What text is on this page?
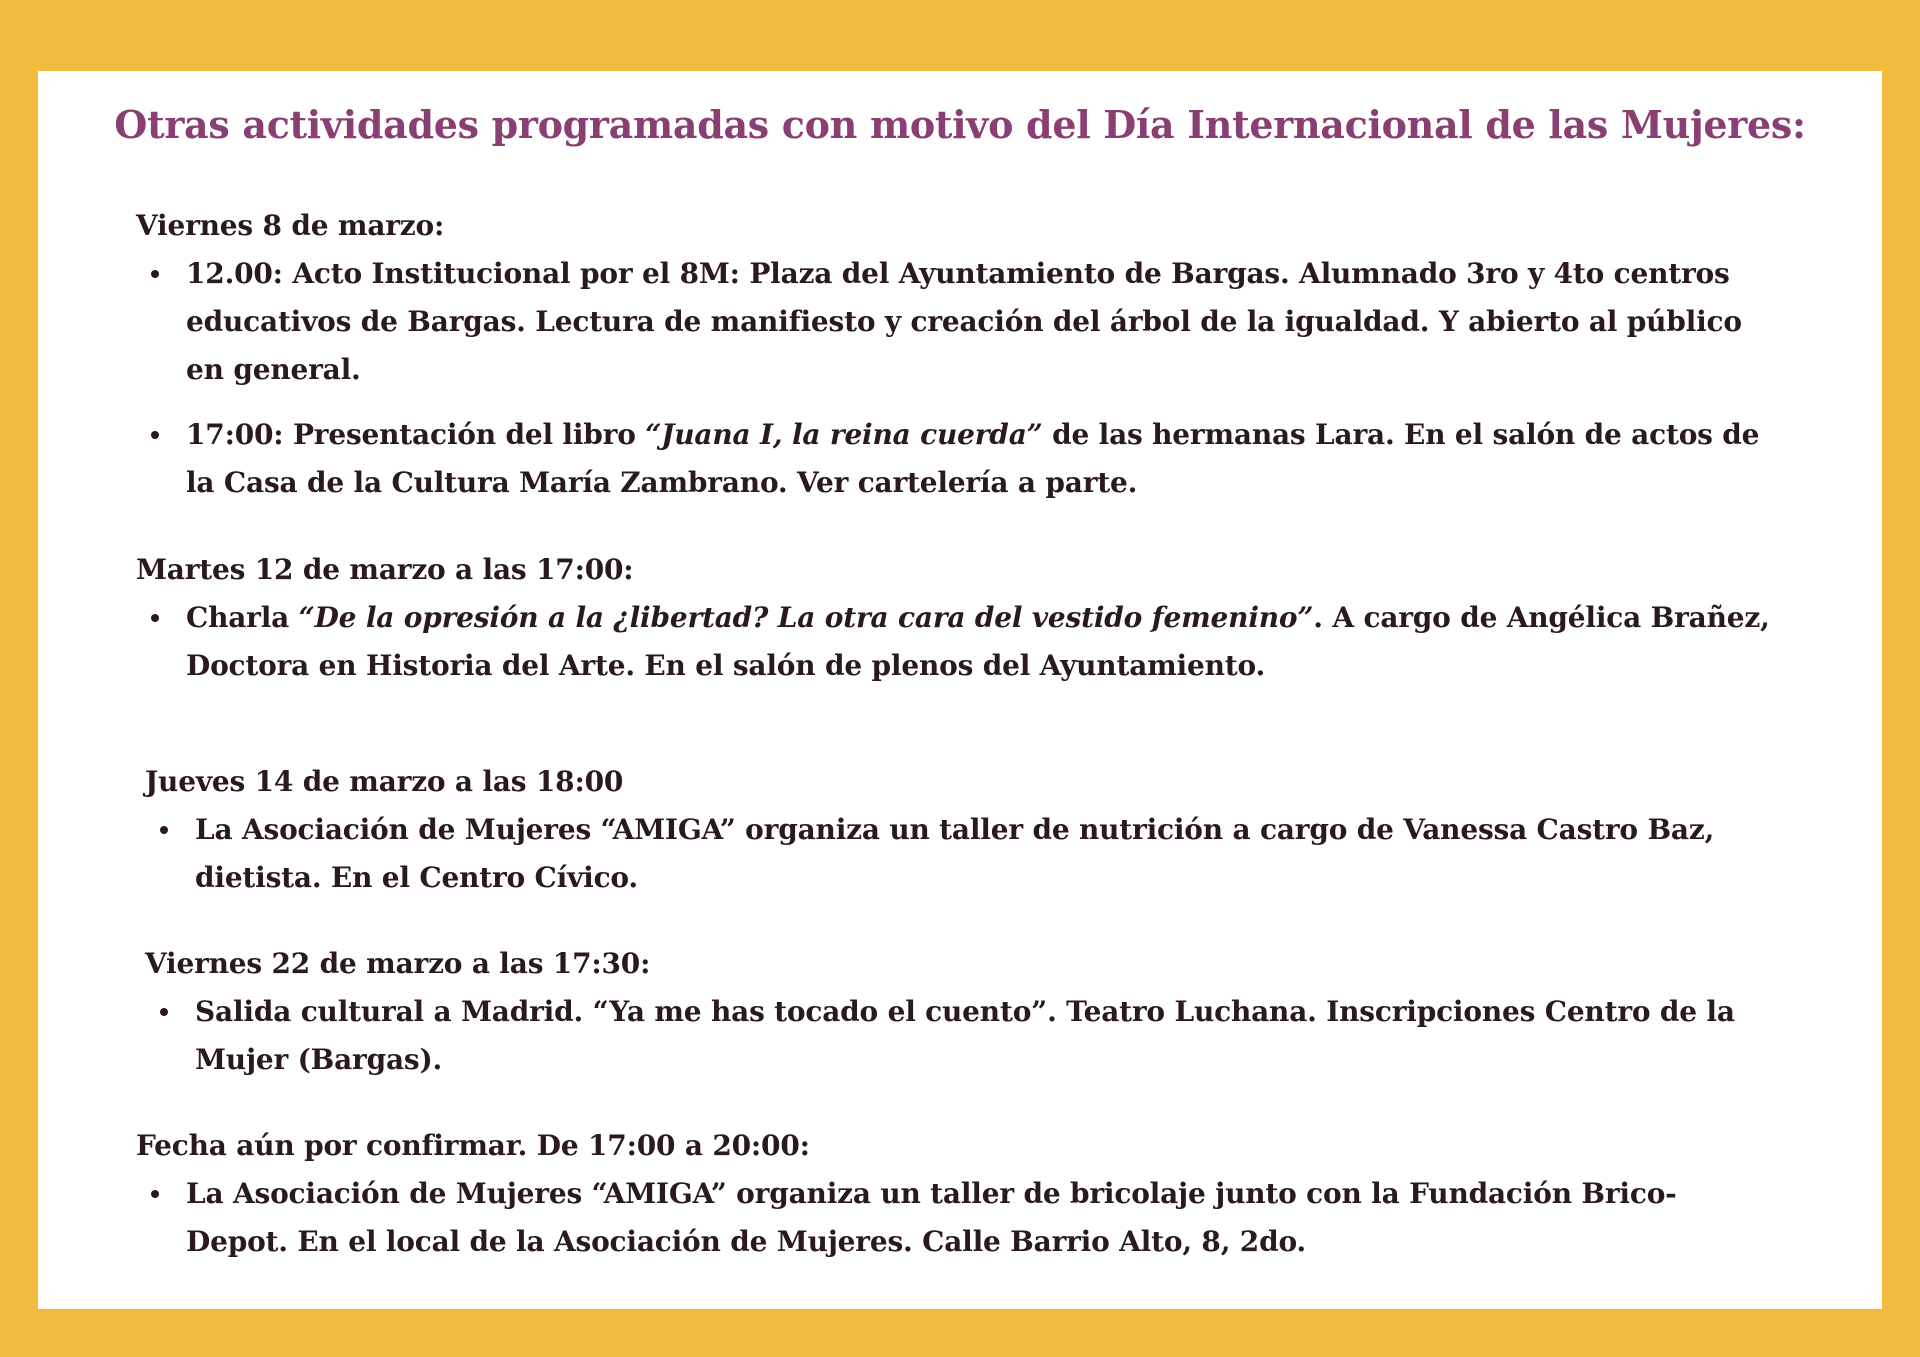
Otras actividades programadas con motivo del Día Internacional de las Mujeres:

Viernes 8 de marzo:

12.00: Acto Institucional por el 8M: Plaza del Ayuntamiento de Bargas. Alumnado 3ro y 4to centros educativos de Bargas. Lectura de manifiesto y creación del árbol de la igualdad. Y abierto al público en general.
17:00: Presentación del libro “Juana I, la reina cuerda” de las hermanas Lara. En el salón de actos de la Casa de la Cultura María Zambrano. Ver cartelería a parte.

Martes 12 de marzo a las 17:00:

Charla “De la opresión a la ¿libertad? La otra cara del vestido femenino”. A cargo de Angélica Brañez, Doctora en Historia del Arte. En el salón de plenos del Ayuntamiento.

Jueves 14 de marzo a las 18:00

La Asociación de Mujeres “AMIGA” organiza un taller de nutrición a cargo de Vanessa Castro Baz, dietista. En el Centro Cívico.

Viernes 22 de marzo a las 17:30:

Salida cultural a Madrid. “Ya me has tocado el cuento”. Teatro Luchana. Inscripciones Centro de la Mujer (Bargas).

Fecha aún por confirmar. De 17:00 a 20:00:

La Asociación de Mujeres “AMIGA” organiza un taller de bricolaje junto con la Fundación Brico-Depot. En el local de la Asociación de Mujeres. Calle Barrio Alto, 8, 2do.
